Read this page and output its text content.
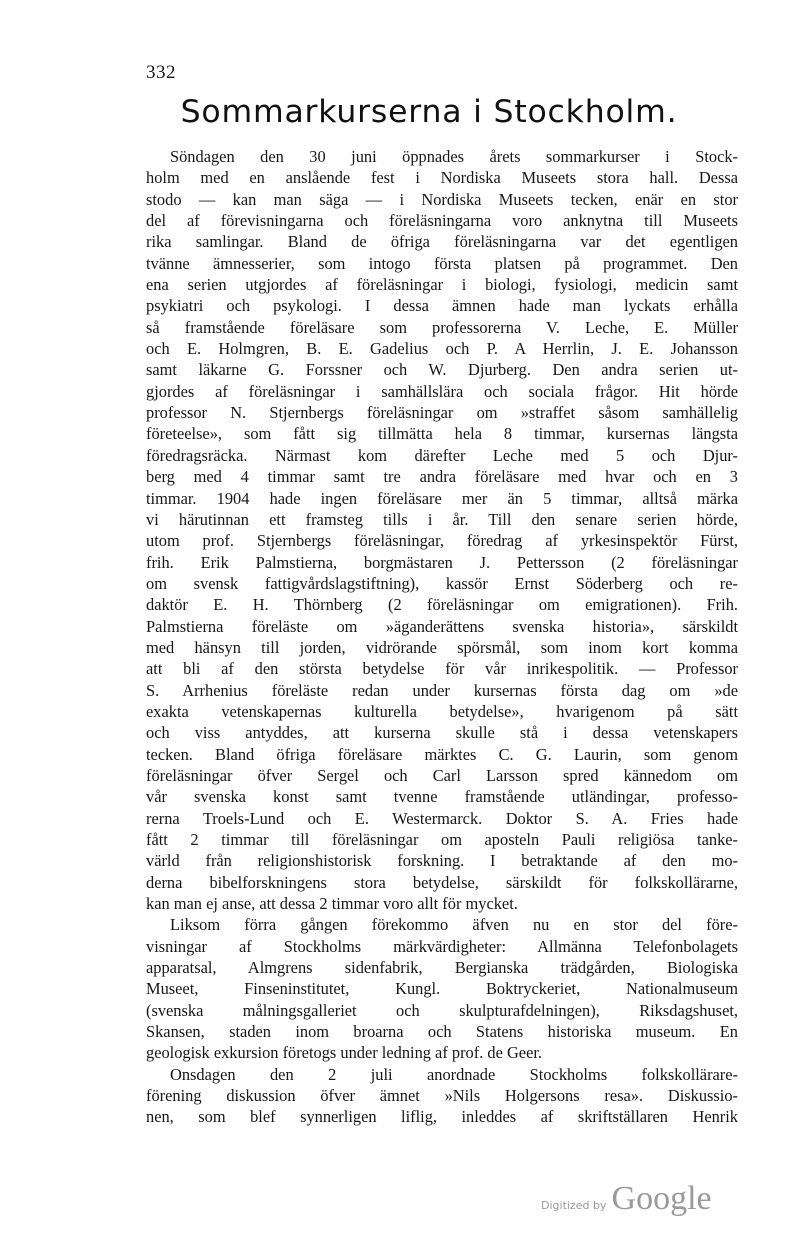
332
Sommarkurserna i Stockholm.
Söndagen den 30 juni öppnades årets sommarkurser i Stock-
holm med en anslående fest i Nordiska Museets stora hall. Dessa
stodo — kan man säga — i Nordiska Museets tecken, enär en stor
del af förevisningarna och föreläsningarna voro anknytna till Museets
rika samlingar. Bland de öfriga föreläsningarna var det egentligen
tvänne ämnesserier, som intogo första platsen på programmet. Den
ena serien utgjordes af föreläsningar i biologi, fysiologi, medicin samt
psykiatri och psykologi. I dessa ämnen hade man lyckats erhålla
så framstående föreläsare som professorerna V. Leche, E. Müller
och E. Holmgren, B. E. Gadelius och P. A Herrlin, J. E. Johansson
samt läkarne G. Forssner och W. Djurberg. Den andra serien ut-
gjordes af föreläsningar i samhällslära och sociala frågor. Hit hörde
professor N. Stjernbergs föreläsningar om »straffet såsom samhällelig
företeelse», som fått sig tillmätta hela 8 timmar, kursernas längsta
föredragsräcka. Närmast kom därefter Leche med 5 och Djur-
berg med 4 timmar samt tre andra föreläsare med hvar och en 3
timmar. 1904 hade ingen föreläsare mer än 5 timmar, alltså märka
vi härutinnan ett framsteg tills i år. Till den senare serien hörde,
utom prof. Stjernbergs föreläsningar, föredrag af yrkesinspektör Fürst,
frih. Erik Palmstierna, borgmästaren J. Pettersson (2 föreläsningar
om svensk fattigvårdslagstiftning), kassör Ernst Söderberg och re-
daktör E. H. Thörnberg (2 föreläsningar om emigrationen). Frih.
Palmstierna föreläste om »äganderättens svenska historia», särskildt
med hänsyn till jorden, vidrörande spörsmål, som inom kort komma
att bli af den största betydelse för vår inrikespolitik. — Professor
S. Arrhenius föreläste redan under kursernas första dag om »de
exakta vetenskapernas kulturella betydelse», hvarigenom på sätt
och viss antyddes, att kurserna skulle stå i dessa vetenskapers
tecken. Bland öfriga föreläsare märktes C. G. Laurin, som genom
föreläsningar öfver Sergel och Carl Larsson spred kännedom om
vår svenska konst samt tvenne framstående utländingar, professo-
rerna Troels-Lund och E. Westermarck. Doktor S. A. Fries hade
fått 2 timmar till föreläsningar om aposteln Pauli religiösa tanke-
värld från religionshistorisk forskning. I betraktande af den mo-
derna bibelforskningens stora betydelse, särskildt för folkskollärarne,
kan man ej anse, att dessa 2 timmar voro allt för mycket.
Liksom förra gången förekommo äfven nu en stor del före-
visningar af Stockholms märkvärdigheter: Allmänna Telefonbolagets
apparatsal, Almgrens sidenfabrik, Bergianska trädgården, Biologiska
Museet, Finseninstitutet, Kungl. Boktryckeriet, Nationalmuseum
(svenska målningsgalleriet och skulpturafdelningen), Riksdagshuset,
Skansen, staden inom broarna och Statens historiska museum. En
geologisk exkursion företogs under ledning af prof. de Geer.
Onsdagen den 2 juli anordnade Stockholms folkskollärare-
förening diskussion öfver ämnet »Nils Holgersons resa». Diskussio-
nen, som blef synnerligen liflig, inleddes af skriftställaren Henrik
Digitized by Google
